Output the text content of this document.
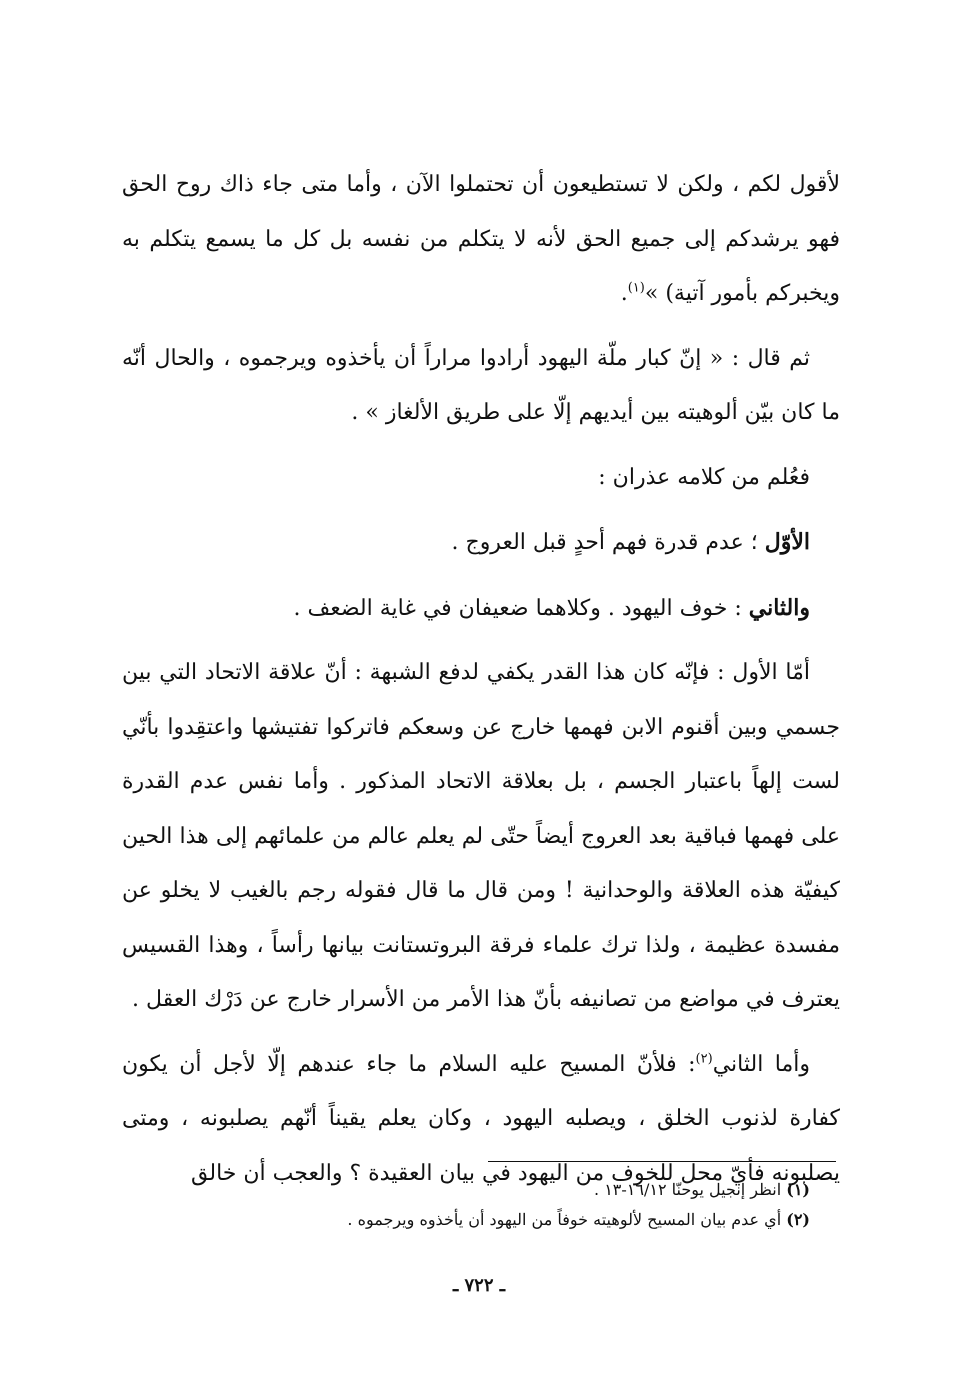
لأقول لكم ، ولكن لا تستطيعون أن تحتملوا الآن ، وأما متى جاء ذاك روح الحق فهو يرشدكم إلى جميع الحق لأنه لا يتكلم من نفسه بل كل ما يسمع يتكلم به ويخبركم بأمور آتية) »$^{(١)}$.

ثم قال : « إنّ كبار ملّة اليهود أرادوا مراراً أن يأخذوه ويرجموه ، والحال أنّه ما كان بيّن ألوهيته بين أيديهم إلّا على طريق الألغاز » .

فعُلم من كلامه عذران :

الأوّل ؛ عدم قدرة فهم أحدٍ قبل العروج .

والثاني : خوف اليهود . وكلاهما ضعيفان في غاية الضعف .

أمّا الأول : فإنّه كان هذا القدر يكفي لدفع الشبهة : أنّ علاقة الاتحاد التي بين جسمي وبين أقنوم الابن فهمها خارج عن وسعكم فاتركوا تفتيشها واعتقِدوا بأنّي لست إلهاً باعتبار الجسم ، بل بعلاقة الاتحاد المذكور . وأما نفس عدم القدرة على فهمها فباقية بعد العروج أيضاً حتّى لم يعلم عالم من علمائهم إلى هذا الحين كيفيّة هذه العلاقة والوحدانية ! ومن قال ما قال فقوله رجم بالغيب لا يخلو عن مفسدة عظيمة ، ولذا ترك علماء فرقة البروتستانت بيانها رأساً ، وهذا القسيس يعترف في مواضع من تصانيفه بأنّ هذا الأمر من الأسرار خارج عن دَرْك العقل .

وأما الثاني$^{(٢)}$: فلأنّ المسيح عليه السلام ما جاء عندهم إلّا لأجل أن يكون كفارة لذنوب الخلق ، ويصلبه اليهود ، وكان يعلم يقيناً أنّهم يصلبونه ، ومتى يصلبونه فأيّ محل للخوف من اليهود في بيان العقيدة ؟ والعجب أن خالق

(١) انظر إنجيل يوحنّا ١٦/١٢-١٣ .

(٢) أي عدم بيان المسيح لألوهيته خوفاً من اليهود أن يأخذوه ويرجموه .

ـ ٧٢٢ ـ
